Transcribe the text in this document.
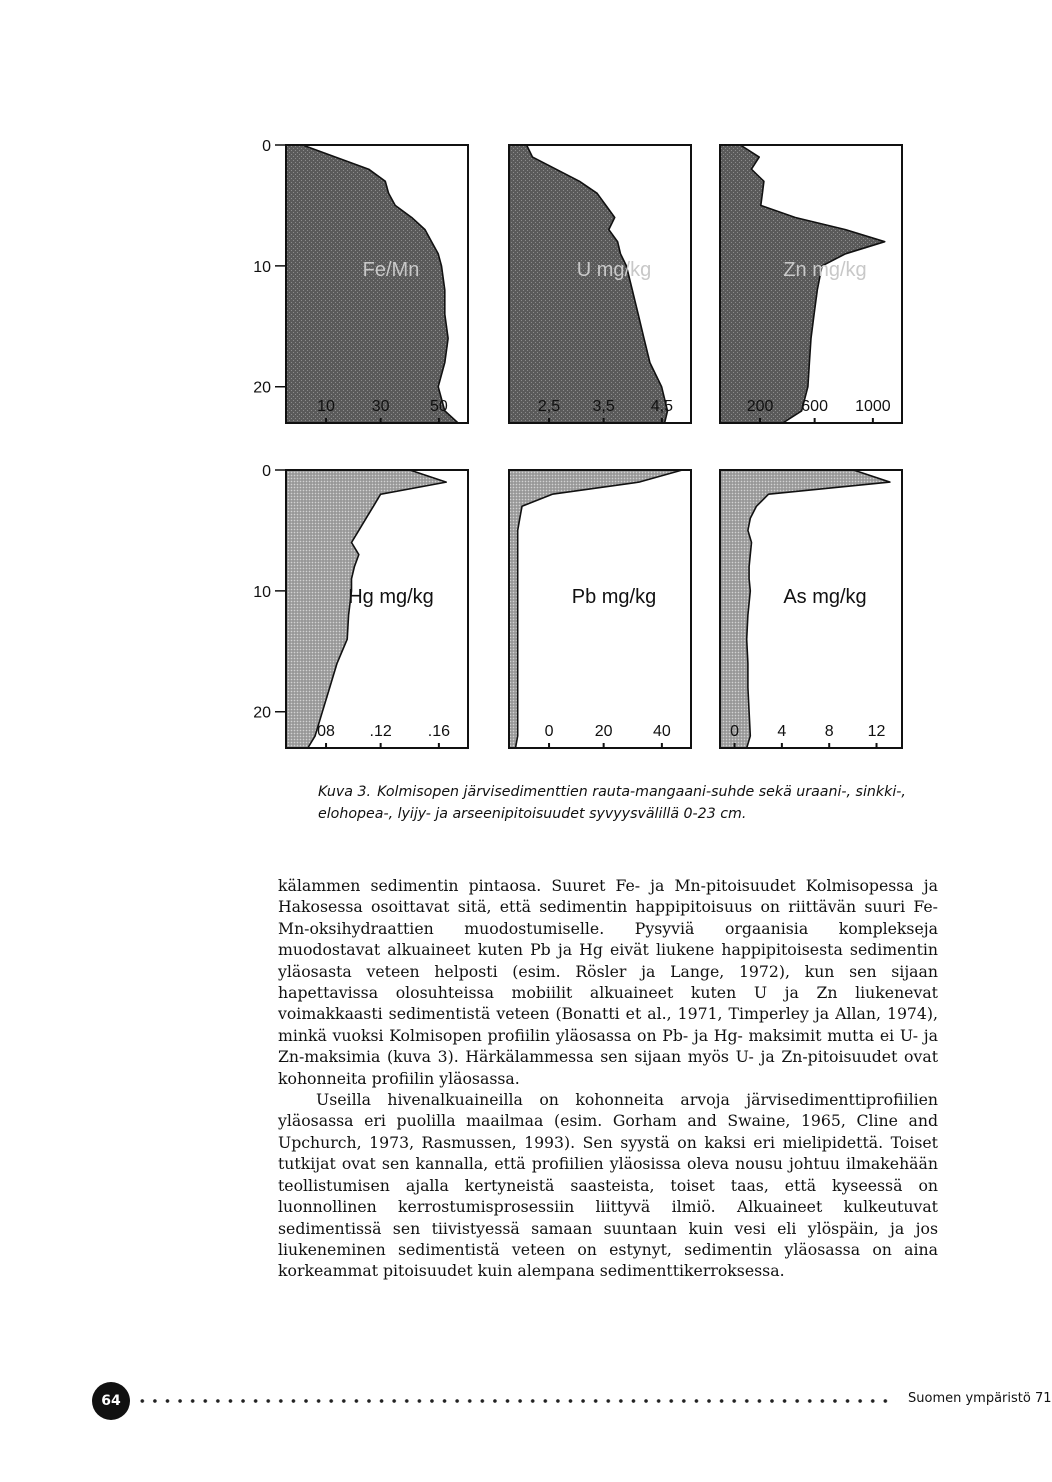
10 30	50
Fe/Mn
2,5 3,5 4,5
U mg/kg
200 600 1000
Zn mg/kg
08 .12 .16
Hg mg/kg
0	20	40
Pb mg/kg
0 4 8 12
As mg/kg
0
10
20
0
10
20
Kuva 3. Kolmisopen järvisedimenttien rauta-mangaani-suhde sekä uraani-, sinkki-, elohopea-, lyijy- ja arseenipitoisuudet syvyysvälillä 0-23 cm.

kälammen sedimentin pintaosa. Suuret Fe- ja Mn-pitoisuudet Kolmisopessa ja Hakosessa osoittavat sitä, että sedimentin happipitoisuus on riittävän suuri Fe-Mn-oksihydraattien muodostumiselle. Pysyviä orgaanisia komplekseja muodostavat alkuaineet kuten Pb ja Hg eivät liukene happipitoisesta sedimentin yläosasta veteen helposti (esim. Rösler ja Lange, 1972), kun sen sijaan hapettavissa olosuhteissa mobiilit alkuaineet kuten U ja Zn liukenevat voimakkaasti sedimentistä veteen (Bonatti et al., 1971, Timperley ja Allan, 1974), minkä vuoksi Kolmisopen profiilin yläosassa on Pb- ja Hg- maksimit mutta ei U- ja Zn-maksimia (kuva 3). Härkälammessa sen sijaan myös U- ja Zn-pitoisuudet ovat kohonneita profiilin yläosassa.

Useilla hivenalkuaineilla on kohonneita arvoja järvisedimenttiprofiilien yläosassa eri puolilla maailmaa (esim. Gorham and Swaine, 1965, Cline and Upchurch, 1973, Rasmussen, 1993). Sen syystä on kaksi eri mielipidettä. Toiset tutkijat ovat sen kannalla, että profiilien yläosissa oleva nousu johtuu ilmakehään teollistumisen ajalla kertyneistä saasteista, toiset taas, että kyseessä on luonnollinen kerrostumisprosessiin liittyvä ilmiö. Alkuaineet kulkeutuvat sedimentissä sen tiivistyessä samaan suuntaan kuin vesi eli ylöspäin, ja jos liukeneminen sedimentistä veteen on estynyt, sedimentin yläosassa on aina korkeammat pitoisuudet kuin alempana sedimenttikerroksessa.

64	Suomen ympäristö 71
